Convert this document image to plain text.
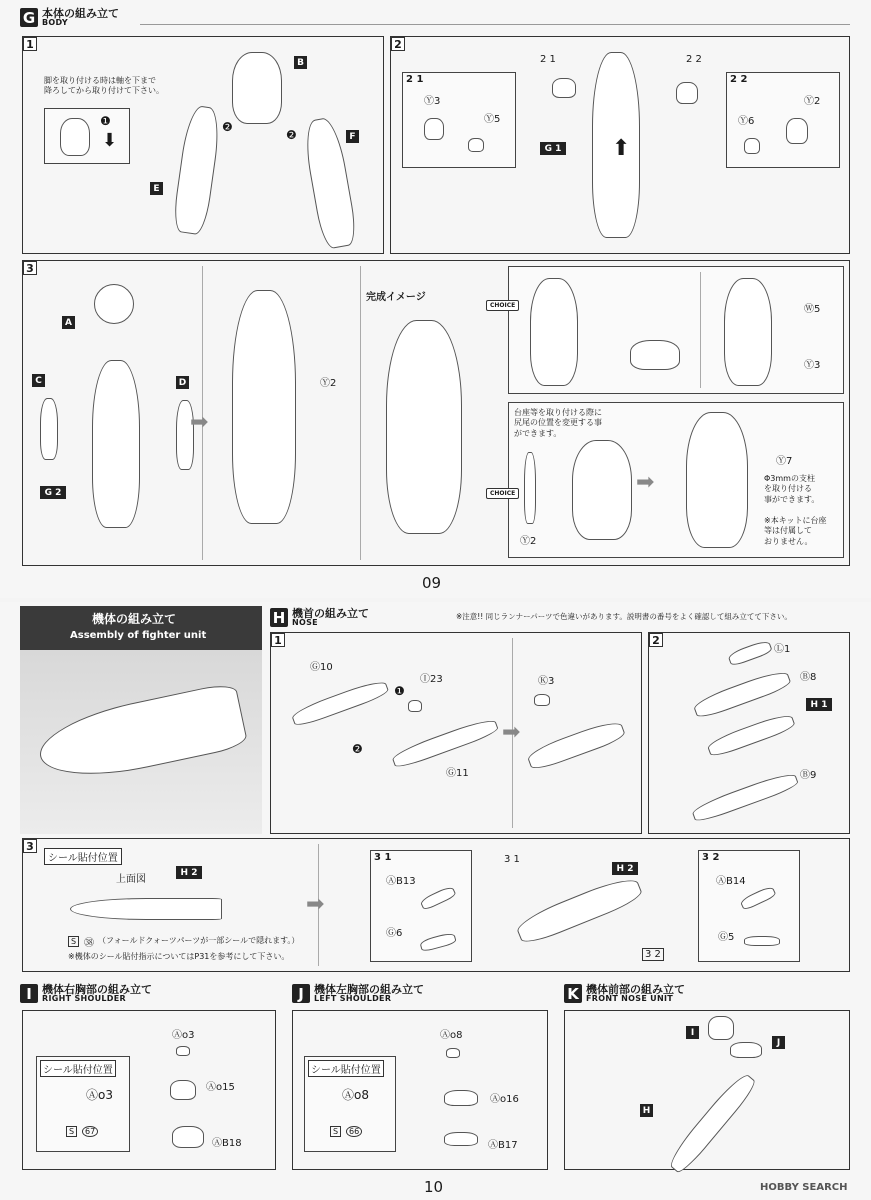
G 本体の組み立て
BODY
1
脚を取り付ける時は軸を下まで
降ろしてから取り付けて下さい。
❶
⬇
B
❷
❷
E
F
2
2 1
Ⓨ3
Ⓨ5
2 1
G 1 ⬆
2 2
2 2
Ⓨ6
Ⓨ2
3
A
C	D
G 2
➡
Ⓨ2
完成イメージ
CHOICE	Ⓦ5
Ⓨ3
CHOICE
台座等を取り付ける際に
尻尾の位置を変更する事
ができます。
Ⓨ2
➡
Ⓨ7
Φ3mmの支柱
を取り付ける
事ができます。
※本キットに台座
等は付属して
おりません。
09
機体の組み立て
Assembly of fighter unit
H 機首の組み立て
NOSE
※注意!! 同じランナーパーツで色違いがあります。説明書の番号をよく確認して組み立てて下さい。
1
Ⓖ10
❶
Ⓘ23
❷
Ⓖ11
➡
Ⓚ3
2
Ⓛ1
Ⓑ8
H 1
Ⓑ9
3
シール貼付位置
上面図
H 2
S ㊳ （フォールドクォーツパーツが一部シールで隠れます。）
※機体のシール貼付指示についてはP31を参考にして下さい。
➡
3 1
ⒶB13
Ⓖ6
3 1
H 2
3 2
3 2
ⒶB14
Ⓖ5
I 機体右胸部の組み立て
RIGHT SHOULDER
シール貼付位置
Ⓐo3
S	67
Ⓐo3
Ⓐo15
ⒶB18
J 機体左胸部の組み立て
LEFT SHOULDER
シール貼付位置
Ⓐo8
S	66
Ⓐo8
Ⓐo16
ⒶB17
K 機体前部の組み立て
FRONT NOSE UNIT
I
J
H
10	HOBBY SEARCH
